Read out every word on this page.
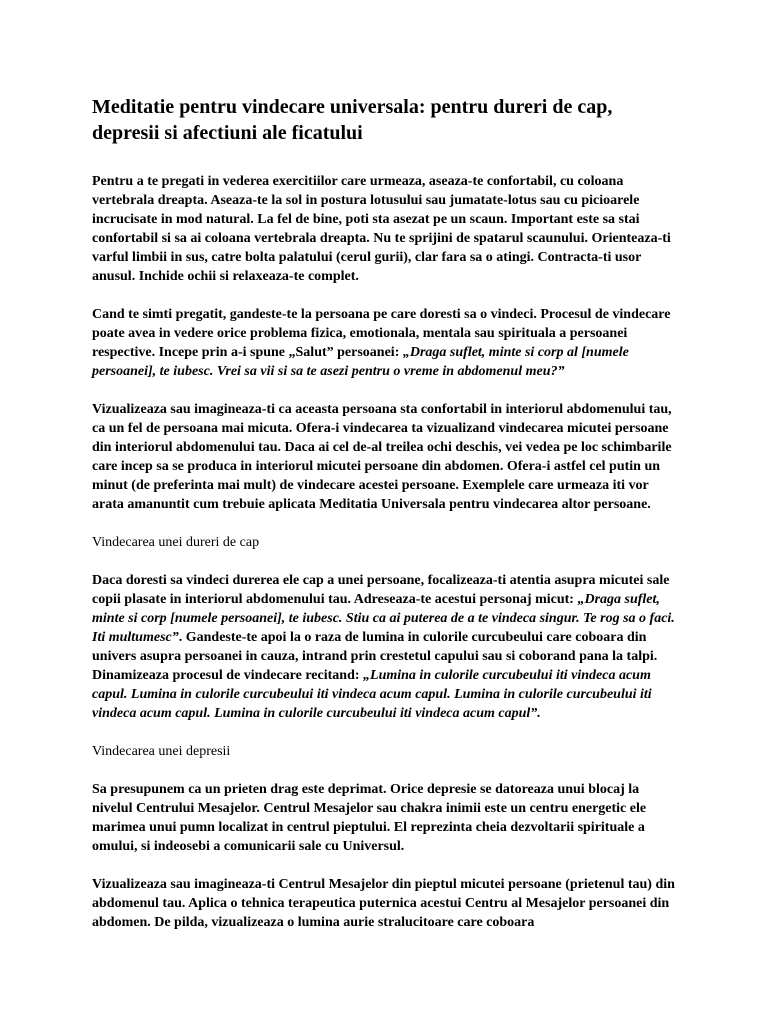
Meditatie pentru vindecare universala: pentru dureri de cap, depresii si afectiuni ale ficatului

Pentru a te pregati in vederea exercitiilor care urmeaza, aseaza-te confortabil, cu coloana vertebrala dreapta. Aseaza-te la sol in postura lotusului sau jumatate-lotus sau cu picioarele incrucisate in mod natural. La fel de bine, poti sta asezat pe un scaun. Important este sa stai confortabil si sa ai coloana vertebrala dreapta. Nu te sprijini de spatarul scaunului. Orienteaza-ti varful limbii in sus, catre bolta palatului (cerul gurii), clar fara sa o atingi. Contracta-ti usor anusul. Inchide ochii si relaxeaza-te complet.

Cand te simti pregatit, gandeste-te la persoana pe care doresti sa o vindeci. Procesul de vindecare poate avea in vedere orice problema fizica, emotionala, mentala sau spirituala a persoanei respective. Incepe prin a-i spune „Salut” persoanei: „Draga suflet, minte si corp al [numele persoanei], te iubesc. Vrei sa vii si sa te asezi pentru o vreme in abdomenul meu?”

Vizualizeaza sau imagineaza-ti ca aceasta persoana sta confortabil in interiorul abdomenului tau, ca un fel de persoana mai micuta. Ofera-i vindecarea ta vizualizand vindecarea micutei persoane din interiorul abdomenului tau. Daca ai cel de-al treilea ochi deschis, vei vedea pe loc schimbarile care incep sa se produca in interiorul micutei persoane din abdomen. Ofera-i astfel cel putin un minut (de preferinta mai mult) de vindecare acestei persoane. Exemplele care urmeaza iti vor arata amanuntit cum trebuie aplicata Meditatia Universala pentru vindecarea altor persoane.

Vindecarea unei dureri de cap

Daca doresti sa vindeci durerea ele cap a unei persoane, focalizeaza-ti atentia asupra micutei sale copii plasate in interiorul abdomenului tau. Adreseaza-te acestui personaj micut: „Draga suflet, minte si corp [numele persoanei], te iubesc. Stiu ca ai puterea de a te vindeca singur. Te rog sa o faci. Iti multumesc”. Gandeste-te apoi la o raza de lumina in culorile curcubeului care coboara din univers asupra persoanei in cauza, intrand prin crestetul capului sau si coborand pana la talpi. Dinamizeaza procesul de vindecare recitand: „Lumina in culorile curcubeului iti vindeca acum capul. Lumina in culorile curcubeului iti vindeca acum capul. Lumina in culorile curcubeului iti vindeca acum capul. Lumina in culorile curcubeului iti vindeca acum capul”.

Vindecarea unei depresii

Sa presupunem ca un prieten drag este deprimat. Orice depresie se datoreaza unui blocaj la nivelul Centrului Mesajelor. Centrul Mesajelor sau chakra inimii este un centru energetic ele marimea unui pumn localizat in centrul pieptului. El reprezinta cheia dezvoltarii spirituale a omului, si indeosebi a comunicarii sale cu Universul.

Vizualizeaza sau imagineaza-ti Centrul Mesajelor din pieptul micutei persoane (prietenul tau) din abdomenul tau. Aplica o tehnica terapeutica puternica acestui Centru al Mesajelor persoanei din abdomen. De pilda, vizualizeaza o lumina aurie stralucitoare care coboara
